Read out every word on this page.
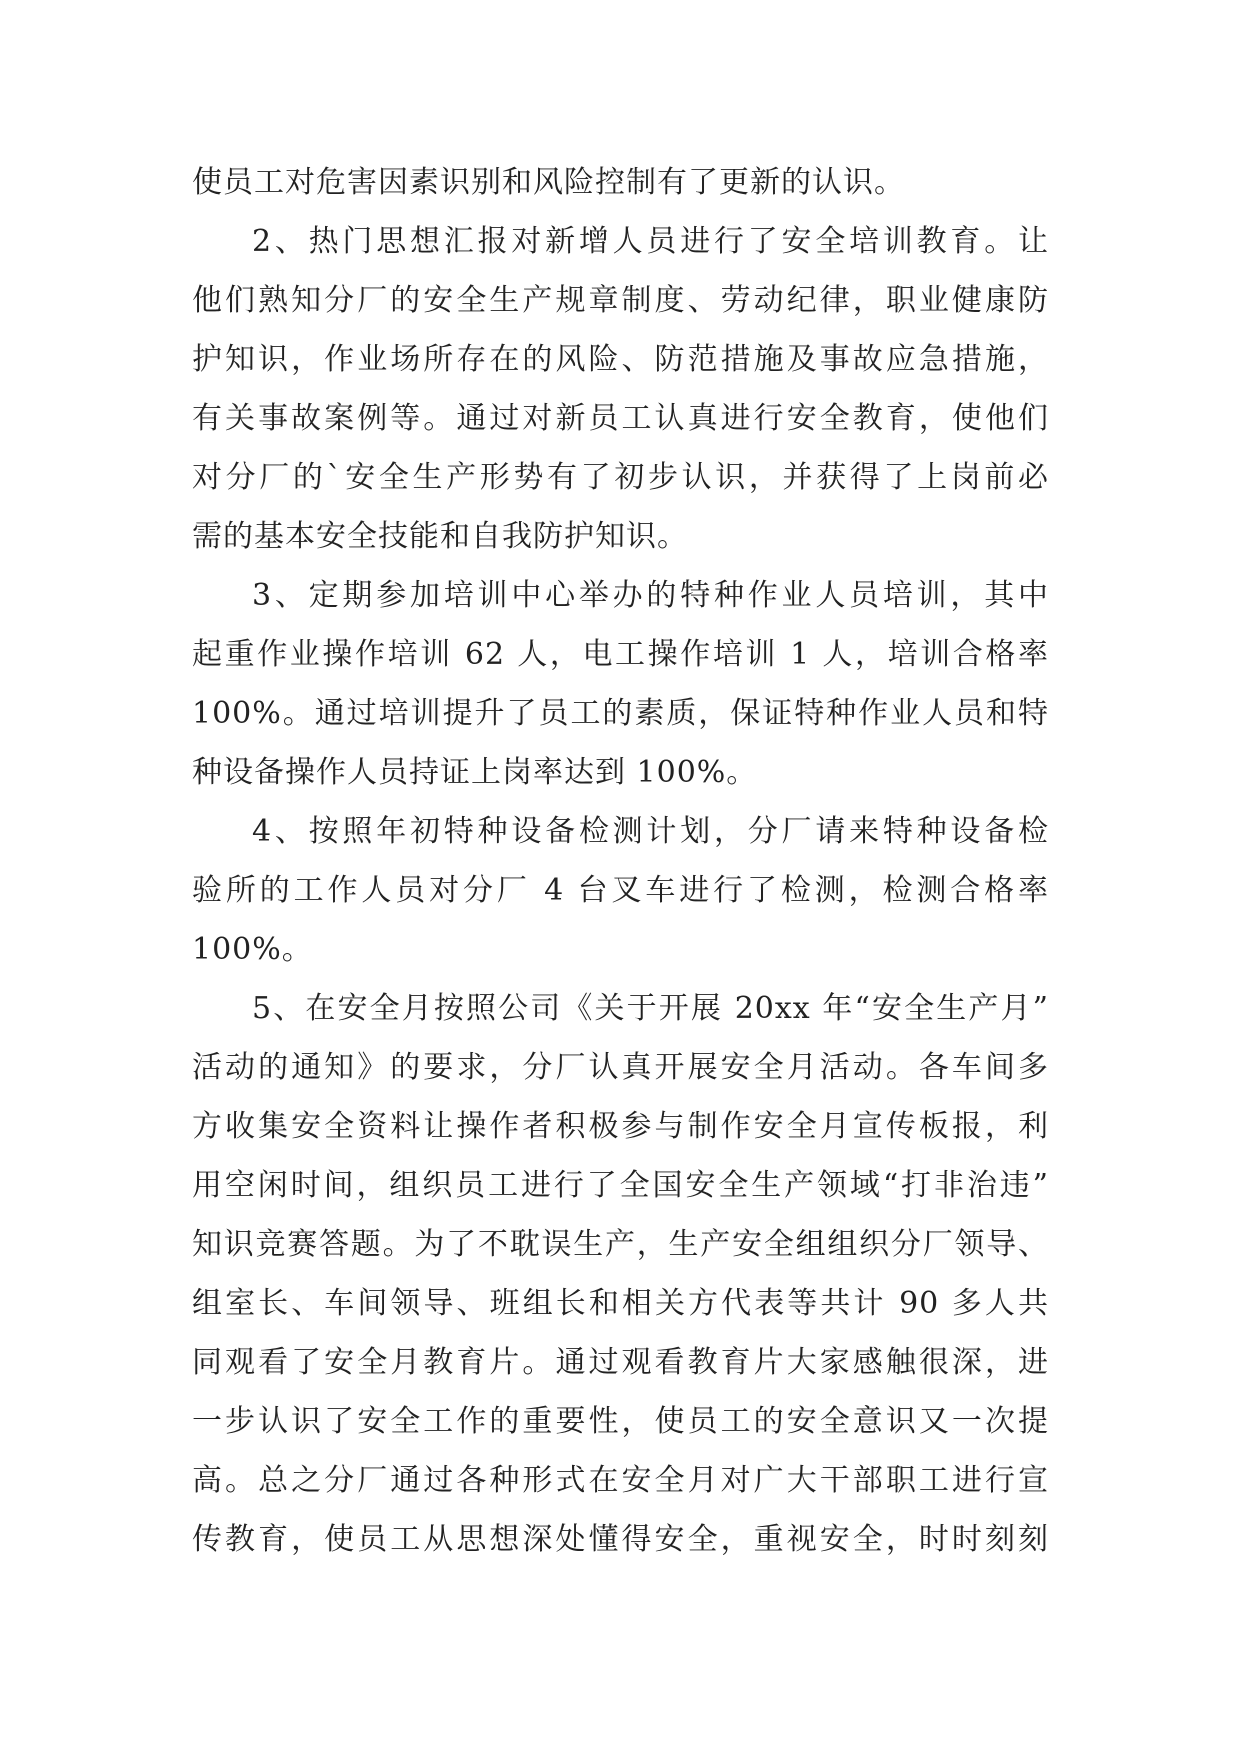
使员工对危害因素识别和风险控制有了更新的认识。
2、热门思想汇报对新增人员进行了安全培训教育。让
他们熟知分厂的安全生产规章制度、劳动纪律，职业健康防
护知识，作业场所存在的风险、防范措施及事故应急措施，
有关事故案例等。通过对新员工认真进行安全教育，使他们
对分厂的`安全生产形势有了初步认识，并获得了上岗前必
需的基本安全技能和自我防护知识。
3、定期参加培训中心举办的特种作业人员培训，其中
起重作业操作培训 62 人，电工操作培训 1 人，培训合格率
100%。通过培训提升了员工的素质，保证特种作业人员和特
种设备操作人员持证上岗率达到 100%。
4、按照年初特种设备检测计划，分厂请来特种设备检
验所的工作人员对分厂 4 台叉车进行了检测，检测合格率
100%。
5、在安全月按照公司《关于开展 20xx 年“安全生产月”
活动的通知》的要求，分厂认真开展安全月活动。各车间多
方收集安全资料让操作者积极参与制作安全月宣传板报，利
用空闲时间，组织员工进行了全国安全生产领域“打非治违”
知识竞赛答题。为了不耽误生产，生产安全组组织分厂领导、
组室长、车间领导、班组长和相关方代表等共计 90 多人共
同观看了安全月教育片。通过观看教育片大家感触很深，进
一步认识了安全工作的重要性，使员工的安全意识又一次提
高。总之分厂通过各种形式在安全月对广大干部职工进行宣
传教育，使员工从思想深处懂得安全，重视安全，时时刻刻
